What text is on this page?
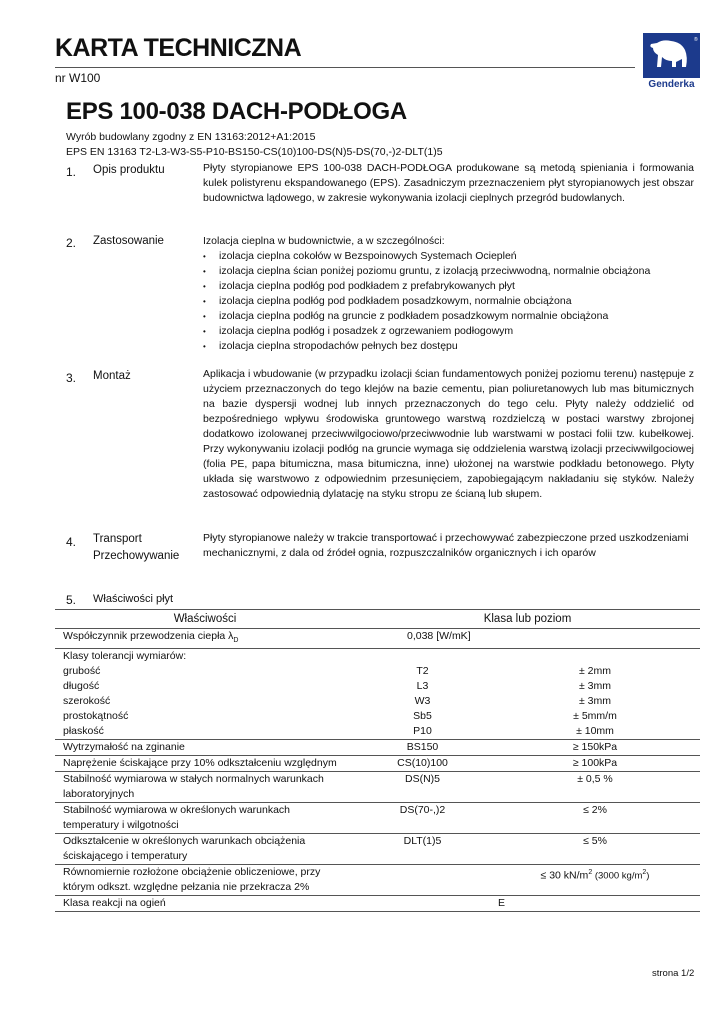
KARTA TECHNICZNA
nr W100
®
Genderka
EPS 100-038 DACH-PODŁOGA
Wyrób budowlany zgodny z EN 13163:2012+A1:2015
EPS EN 13163 T2-L3-W3-S5-P10-BS150-CS(10)100-DS(N)5-DS(70,-)2-DLT(1)5
1. Opis produktu	Płyty styropianowe EPS 100-038 DACH-PODŁOGA produkowane są metodą spieniania i formowania kulek polistyrenu ekspandowanego (EPS). Zasadniczym przeznaczeniem płyt styropianowych jest obszar budownictwa lądowego, w zakresie wykonywania izolacji cieplnych przegród budowlanych.
2. Zastosowanie	Izolacja cieplna w budownictwie, a w szczególności:
• izolacja cieplna cokołów w Bezspoinowych Systemach Ociepleń
• izolacja cieplna ścian poniżej poziomu gruntu, z izolacją przeciwwodną, normalnie obciążona
• izolacja cieplna podłóg pod podkładem z prefabrykowanych płyt
• izolacja cieplna podłóg pod podkładem posadzkowym, normalnie obciążona
• izolacja cieplna podłóg na gruncie z podkładem posadzkowym normalnie obciążona
• izolacja cieplna podłóg i posadzek z ogrzewaniem podłogowym
• izolacja cieplna stropodachów pełnych bez dostępu
3. Montaż	Aplikacja i wbudowanie (w przypadku izolacji ścian fundamentowych poniżej poziomu terenu) następuje z użyciem przeznaczonych do tego klejów na bazie cementu, pian poliuretanowych lub mas bitumicznych na bazie dyspersji wodnej lub innych przeznaczonych do tego celu. Płyty należy oddzielić od bezpośredniego wpływu środowiska gruntowego warstwą rozdzielczą w postaci warstwy zbrojonej dodatkowo izolowanej przeciwwilgociowo/przeciwwodnie lub warstwami w postaci folii tzw. kubełkowej. Przy wykonywaniu izolacji podłóg na gruncie wymaga się oddzielenia warstwą izolacji przeciwwilgociowej (folia PE, papa bitumiczna, masa bitumiczna, inne) ułożonej na warstwie podkładu betonowego. Płyty układa się warstwowo z odpowiednim przesunięciem, zapobiegającym nakładaniu się styków. Należy zastosować odpowiednią dylatację na styku stropu ze ścianą lub słupem.
4. Transport
Przechowywanie
Płyty styropianowe należy w trakcie transportować i przechowywać zabezpieczone przed uszkodzeniami mechanicznymi, z dala od źródeł ognia, rozpuszczalników organicznych i ich oparów
5. Właściwości płyt
Właściwości	Klasa lub poziom	
Współczynnik przewodzenia ciepła $\lambda_D$	0,038 [W/mK]	
Klasy tolerancji wymiarów:		
grubość	T2	± 2mm
długość	L3	± 3mm
szerokość	W3	± 3mm
prostokątność	Sb5	± 5mm/m
płaskość	P10	± 10mm
Wytrzymałość na zginanie	BS150	≥ 150kPa
Naprężenie ściskające przy 10% odkształceniu względnym	CS(10)100	≥ 100kPa
Stabilność wymiarowa w stałych normalnych warunkach laboratoryjnych	DS(N)5	± 0,5 %
Stabilność wymiarowa w określonych warunkach temperatury i wilgotności	DS(70-,)2	≤ 2%
Odkształcenie w określonych warunkach obciążenia ściskającego i temperatury	DLT(1)5	≤ 5%
Równomiernie rozłożone obciążenie obliczeniowe, przy którym odkszt. względne pełzania nie przekracza 2%		≤ 30 $kN/m^2$ (3000 $kg/m^2$)
Klasa reakcji na ogień		E
strona 1/2
